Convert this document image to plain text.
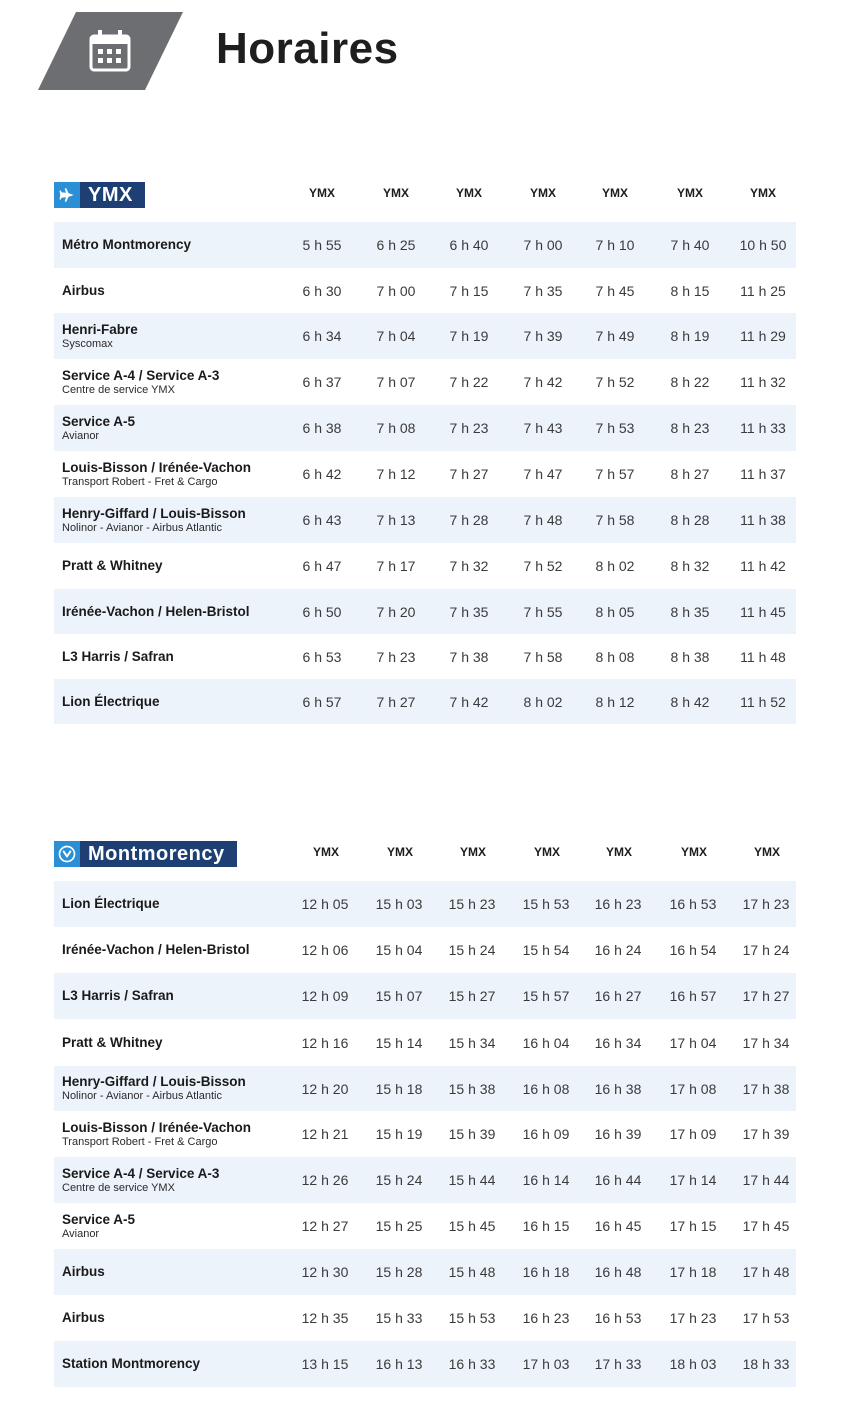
Horaires
YMX	YMX	YMX	YMX	YMX	YMX	YMX	YMX
Métro Montmorency	5 h 55	6 h 25	6 h 40	7 h 00	7 h 10	7 h 40	10 h 50
Airbus	6 h 30	7 h 00	7 h 15	7 h 35	7 h 45	8 h 15	11 h 25
Henri-Fabre
Syscomax	6 h 34	7 h 04	7 h 19	7 h 39	7 h 49	8 h 19	11 h 29
Service A-4 / Service A-3
Centre de service YMX	6 h 37	7 h 07	7 h 22	7 h 42	7 h 52	8 h 22	11 h 32
Service A-5
Avianor	6 h 38	7 h 08	7 h 23	7 h 43	7 h 53	8 h 23	11 h 33
Louis-Bisson / Irénée-Vachon
Transport Robert - Fret & Cargo	6 h 42	7 h 12	7 h 27	7 h 47	7 h 57	8 h 27	11 h 37
Henry-Giffard / Louis-Bisson
Nolinor - Avianor - Airbus Atlantic	6 h 43	7 h 13	7 h 28	7 h 48	7 h 58	8 h 28	11 h 38
Pratt & Whitney	6 h 47	7 h 17	7 h 32	7 h 52	8 h 02	8 h 32	11 h 42
Irénée-Vachon / Helen-Bristol	6 h 50	7 h 20	7 h 35	7 h 55	8 h 05	8 h 35	11 h 45
L3 Harris / Safran	6 h 53	7 h 23	7 h 38	7 h 58	8 h 08	8 h 38	11 h 48
Lion Électrique	6 h 57	7 h 27	7 h 42	8 h 02	8 h 12	8 h 42	11 h 52
Montmorency	YMX	YMX	YMX	YMX	YMX	YMX	YMX
Lion Électrique	12 h 05	15 h 03	15 h 23	15 h 53	16 h 23	16 h 53	17 h 23
Irénée-Vachon / Helen-Bristol	12 h 06	15 h 04	15 h 24	15 h 54	16 h 24	16 h 54	17 h 24
L3 Harris / Safran	12 h 09	15 h 07	15 h 27	15 h 57	16 h 27	16 h 57	17 h 27
Pratt & Whitney	12 h 16	15 h 14	15 h 34	16 h 04	16 h 34	17 h 04	17 h 34
Henry-Giffard / Louis-Bisson
Nolinor - Avianor - Airbus Atlantic	12 h 20	15 h 18	15 h 38	16 h 08	16 h 38	17 h 08	17 h 38
Louis-Bisson / Irénée-Vachon
Transport Robert - Fret & Cargo	12 h 21	15 h 19	15 h 39	16 h 09	16 h 39	17 h 09	17 h 39
Service A-4 / Service A-3
Centre de service YMX	12 h 26	15 h 24	15 h 44	16 h 14	16 h 44	17 h 14	17 h 44
Service A-5
Avianor	12 h 27	15 h 25	15 h 45	16 h 15	16 h 45	17 h 15	17 h 45
Airbus	12 h 30	15 h 28	15 h 48	16 h 18	16 h 48	17 h 18	17 h 48
Airbus	12 h 35	15 h 33	15 h 53	16 h 23	16 h 53	17 h 23	17 h 53
Station Montmorency	13 h 15	16 h 13	16 h 33	17 h 03	17 h 33	18 h 03	18 h 33
